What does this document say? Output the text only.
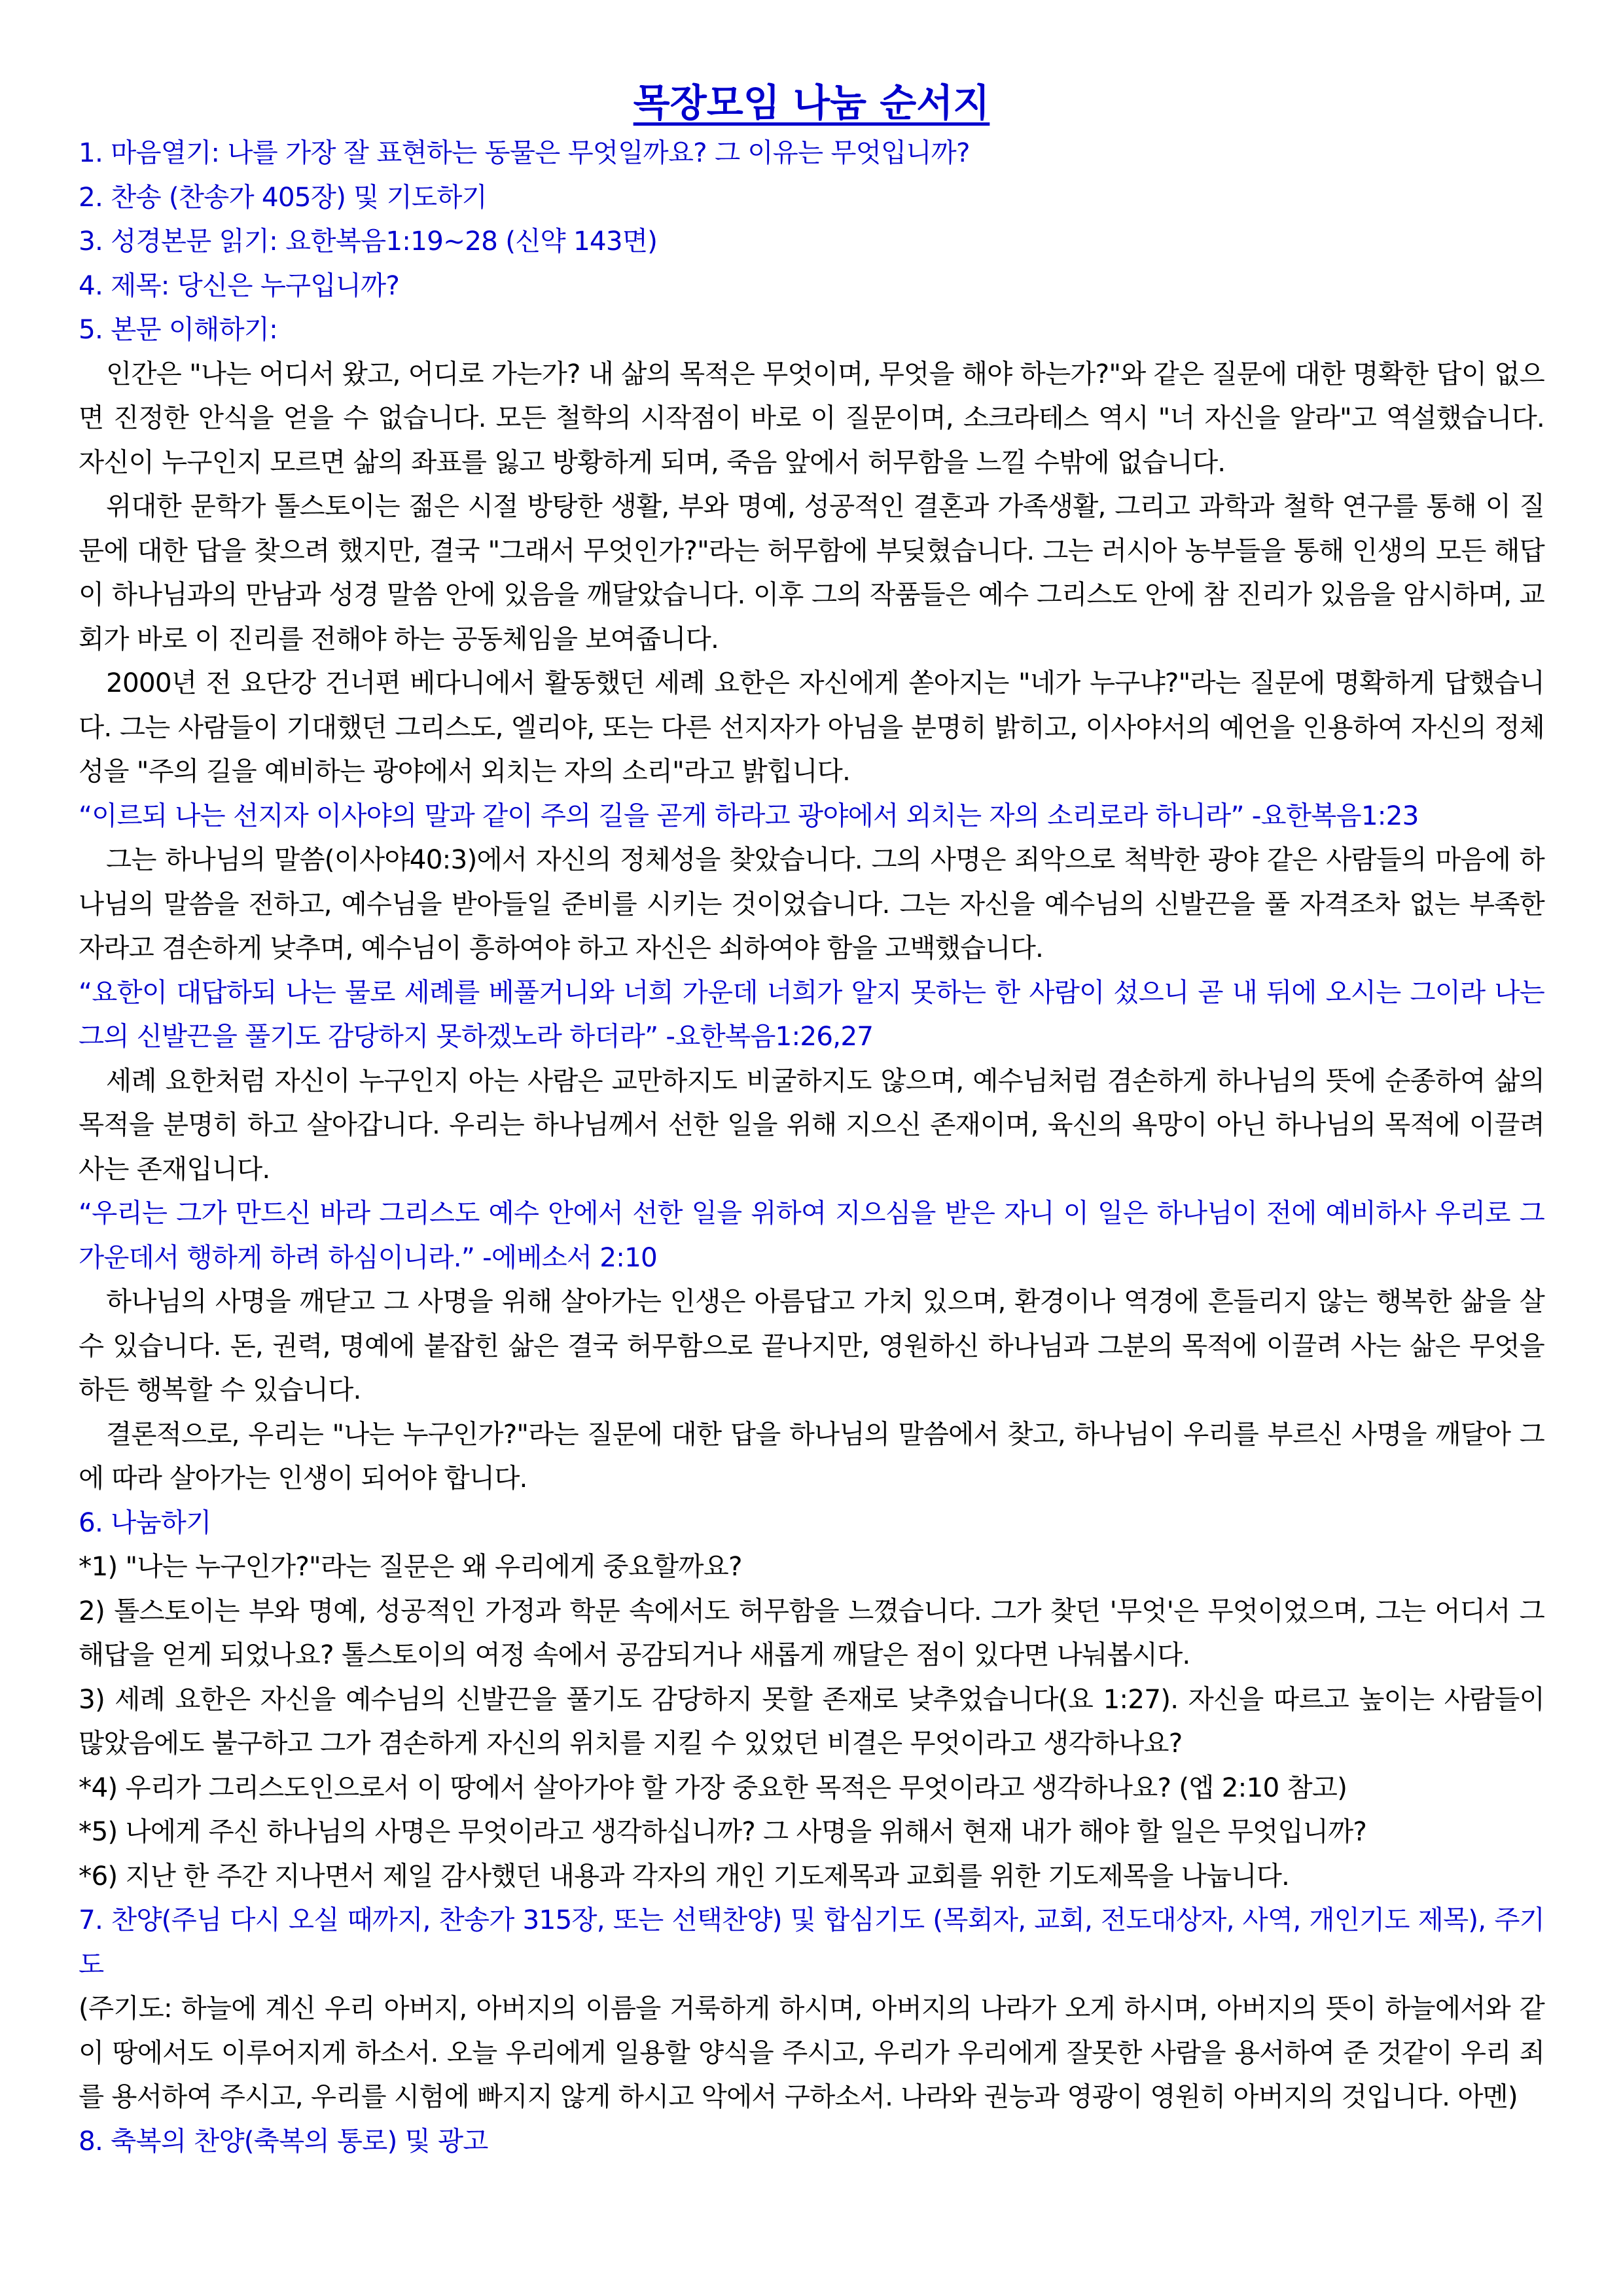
목장모임 나눔 순서지
1. 마음열기: 나를 가장 잘 표현하는 동물은 무엇일까요? 그 이유는 무엇입니까?
2. 찬송 (찬송가 405장) 및 기도하기
3. 성경본문 읽기: 요한복음1:19~28 (신약 143면)
4. 제목: 당신은 누구입니까?
5. 본문 이해하기:

인간은 "나는 어디서 왔고, 어디로 가는가? 내 삶의 목적은 무엇이며, 무엇을 해야 하는가?"와 같은 질문에 대한 명확한 답이 없으면 진정한 안식을 얻을 수 없습니다. 모든 철학의 시작점이 바로 이 질문이며, 소크라테스 역시 "너 자신을 알라"고 역설했습니다. 자신이 누구인지 모르면 삶의 좌표를 잃고 방황하게 되며, 죽음 앞에서 허무함을 느낄 수밖에 없습니다.

위대한 문학가 톨스토이는 젊은 시절 방탕한 생활, 부와 명예, 성공적인 결혼과 가족생활, 그리고 과학과 철학 연구를 통해 이 질문에 대한 답을 찾으려 했지만, 결국 "그래서 무엇인가?"라는 허무함에 부딪혔습니다. 그는 러시아 농부들을 통해 인생의 모든 해답이 하나님과의 만남과 성경 말씀 안에 있음을 깨달았습니다. 이후 그의 작품들은 예수 그리스도 안에 참 진리가 있음을 암시하며, 교회가 바로 이 진리를 전해야 하는 공동체임을 보여줍니다.

2000년 전 요단강 건너편 베다니에서 활동했던 세례 요한은 자신에게 쏟아지는 "네가 누구냐?"라는 질문에 명확하게 답했습니다. 그는 사람들이 기대했던 그리스도, 엘리야, 또는 다른 선지자가 아님을 분명히 밝히고, 이사야서의 예언을 인용하여 자신의 정체성을 "주의 길을 예비하는 광야에서 외치는 자의 소리"라고 밝힙니다.

“이르되 나는 선지자 이사야의 말과 같이 주의 길을 곧게 하라고 광야에서 외치는 자의 소리로라 하니라” -요한복음1:23

그는 하나님의 말씀(이사야40:3)에서 자신의 정체성을 찾았습니다. 그의 사명은 죄악으로 척박한 광야 같은 사람들의 마음에 하나님의 말씀을 전하고, 예수님을 받아들일 준비를 시키는 것이었습니다. 그는 자신을 예수님의 신발끈을 풀 자격조차 없는 부족한 자라고 겸손하게 낮추며, 예수님이 흥하여야 하고 자신은 쇠하여야 함을 고백했습니다.

“요한이 대답하되 나는 물로 세례를 베풀거니와 너희 가운데 너희가 알지 못하는 한 사람이 섰으니 곧 내 뒤에 오시는 그이라 나는 그의 신발끈을 풀기도 감당하지 못하겠노라 하더라” -요한복음1:26,27

세례 요한처럼 자신이 누구인지 아는 사람은 교만하지도 비굴하지도 않으며, 예수님처럼 겸손하게 하나님의 뜻에 순종하여 삶의 목적을 분명히 하고 살아갑니다. 우리는 하나님께서 선한 일을 위해 지으신 존재이며, 육신의 욕망이 아닌 하나님의 목적에 이끌려 사는 존재입니다.

“우리는 그가 만드신 바라 그리스도 예수 안에서 선한 일을 위하여 지으심을 받은 자니 이 일은 하나님이 전에 예비하사 우리로 그 가운데서 행하게 하려 하심이니라.” -에베소서 2:10

하나님의 사명을 깨닫고 그 사명을 위해 살아가는 인생은 아름답고 가치 있으며, 환경이나 역경에 흔들리지 않는 행복한 삶을 살 수 있습니다. 돈, 권력, 명예에 붙잡힌 삶은 결국 허무함으로 끝나지만, 영원하신 하나님과 그분의 목적에 이끌려 사는 삶은 무엇을 하든 행복할 수 있습니다.

결론적으로, 우리는 "나는 누구인가?"라는 질문에 대한 답을 하나님의 말씀에서 찾고, 하나님이 우리를 부르신 사명을 깨달아 그에 따라 살아가는 인생이 되어야 합니다.

6. 나눔하기

*1) "나는 누구인가?"라는 질문은 왜 우리에게 중요할까요?

2) 톨스토이는 부와 명예, 성공적인 가정과 학문 속에서도 허무함을 느꼈습니다. 그가 찾던 '무엇'은 무엇이었으며, 그는 어디서 그 해답을 얻게 되었나요? 톨스토이의 여정 속에서 공감되거나 새롭게 깨달은 점이 있다면 나눠봅시다.

3) 세례 요한은 자신을 예수님의 신발끈을 풀기도 감당하지 못할 존재로 낮추었습니다(요 1:27). 자신을 따르고 높이는 사람들이 많았음에도 불구하고 그가 겸손하게 자신의 위치를 지킬 수 있었던 비결은 무엇이라고 생각하나요?

*4) 우리가 그리스도인으로서 이 땅에서 살아가야 할 가장 중요한 목적은 무엇이라고 생각하나요? (엡 2:10 참고)

*5) 나에게 주신 하나님의 사명은 무엇이라고 생각하십니까? 그 사명을 위해서 현재 내가 해야 할 일은 무엇입니까?

*6) 지난 한 주간 지나면서 제일 감사했던 내용과 각자의 개인 기도제목과 교회를 위한 기도제목을 나눕니다.

7. 찬양(주님 다시 오실 때까지, 찬송가 315장, 또는 선택찬양) 및 합심기도 (목회자, 교회, 전도대상자, 사역, 개인기도 제목), 주기도

(주기도: 하늘에 계신 우리 아버지, 아버지의 이름을 거룩하게 하시며, 아버지의 나라가 오게 하시며, 아버지의 뜻이 하늘에서와 같이 땅에서도 이루어지게 하소서. 오늘 우리에게 일용할 양식을 주시고, 우리가 우리에게 잘못한 사람을 용서하여 준 것같이 우리 죄를 용서하여 주시고, 우리를 시험에 빠지지 않게 하시고 악에서 구하소서. 나라와 권능과 영광이 영원히 아버지의 것입니다. 아멘)

8. 축복의 찬양(축복의 통로) 및 광고
